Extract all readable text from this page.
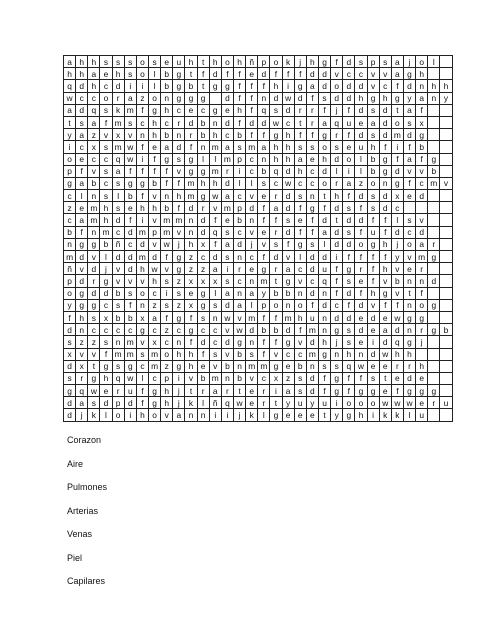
a	h	h	s	s	s	o	s	e	u	h	t	h	o	h	ñ	p	o	k	j	h	g	f	d	s	p	s	a	j	o	l	
h	h	a	e	h	s	o	l	b	g	t	f	d	f	f	e	d	f	f	f	d	d	v	c	c	v	v	a	g	h		
q	d	h	c	d	i	i	l	b	g	b	t	g	g	f	f	f	h	i	g	a	d	o	d	d	v	c	f	d	n	h	h
w	c	c	o	r	a	z	o	n	g	g	g		d	f	f	n	d	w	d	f	s	d	d	h	g	h	g	y	a	n	y
a	d	q	s	k	m	f	g	h	c	e	c	g	e	h	f	q	s	d	r	r	f	j	f	d	s	d	t	a	f		
t	s	a	f	m	s	c	h	c	r	d	b	n	d	f	d	d	w	c	t	r	a	q	u	e	a	d	o	s	x		
y	a	z	v	x	v	n	h	b	n	r	b	h	c	b	f	f	g	h	f	f	g	r	f	d	s	d	m	d	g		
i	c	x	s	m	w	f	e	a	d	f	n	m	a	s	m	a	h	h	s	s	o	s	e	u	h	f	i	f	b		
o	e	c	c	q	w	i	f	g	s	g	l	l	m	p	c	n	h	h	a	e	h	d	o	l	b	g	f	a	f	g	
p	f	v	s	a	f	f	f	f	v	g	g	m	r	i	c	b	q	d	h	c	d	l	i	l	b	g	d	v	v	b	
g	a	b	c	s	g	g	b	f	f	m	h	h	d	l	l	s	c	w	c	c	o	r	a	z	o	n	g	f	c	m	v
c	l	n	s	l	b	f	v	n	h	m	g	w	a	c	v	e	r	d	s	n	t	h	f	d	s	d	x	e	d		
z	e	m	h	s	e	h	h	b	f	d	r	v	m	p	d	f	a	d	f	g	f	d	s	f	s	d	c				
c	a	m	h	d	f	i	v	m	m	n	d	f	e	b	n	f	f	s	e	f	d	t	d	d	f	f	l	s	v		
b	f	n	m	c	d	m	p	m	v	n	d	q	s	c	v	e	r	d	f	f	a	d	s	f	u	f	d	c	d		
n	g	g	b	ñ	c	d	v	w	j	h	x	f	a	d	j	v	s	f	g	s	l	d	d	o	g	h	j	o	a	r	
m	d	v	l	d	d	m	d	f	g	z	c	d	s	n	c	f	d	v	l	d	d	i	f	f	f	f	y	v	m	g	
ñ	v	d	j	v	d	h	w	v	g	z	z	a	i	r	e	g	r	a	c	d	u	f	g	r	f	h	v	e	r		
p	d	r	g	v	v	v	h	s	z	x	x	x	s	c	n	m	t	g	v	c	q	f	s	e	f	v	b	n	n	d	
o	g	d	d	b	s	o	c	i	s	e	g	l	a	n	a	y	b	b	n	d	n	f	d	f	h	g	v	t	f		
y	g	g	c	s	f	n	z	s	z	x	g	s	d	a	l	p	o	n	o	f	d	c	f	d	v	f	f	n	o	g	
f	h	s	x	b	b	x	a	f	g	f	s	n	w	v	m	f	f	m	h	u	n	d	d	e	d	e	w	g	g		
d	n	c	c	c	c	g	c	z	c	g	c	c	v	w	d	b	b	d	f	m	n	g	s	d	e	a	d	n	r	g	b
s	z	z	s	n	m	v	x	c	n	f	d	c	d	g	n	f	f	g	v	d	h	j	s	e	i	d	q	g	j		
x	v	v	f	m	m	s	m	o	h	h	f	s	v	b	s	f	v	c	c	m	g	n	h	n	d	w	h	h			
d	x	t	g	s	g	c	m	z	g	h	e	v	b	n	m	m	g	e	b	n	s	s	q	w	e	e	r	r	h		
s	r	g	h	q	w	l	c	p	i	v	b	m	n	b	v	c	x	z	s	d	f	g	f	f	s	t	e	d	e		
g	q	w	e	r	u	f	g	h	j	t	r	a	r	t	e	r	i	a	s	d	f	g	f	g	g	e	f	g	g	g	
d	a	s	d	p	d	f	g	h	j	k	l	ñ	q	w	e	r	t	y	u	y	u	i	o	o	o	w	w	w	e	r	u
d	j	k	l	o	i	h	o	v	a	n	n	i	i	j	k	l	g	e	e	e	t	y	g	h	i	k	k	l	u		
Corazon
Aire
Pulmones
Arterias
Venas
Piel
Capilares
